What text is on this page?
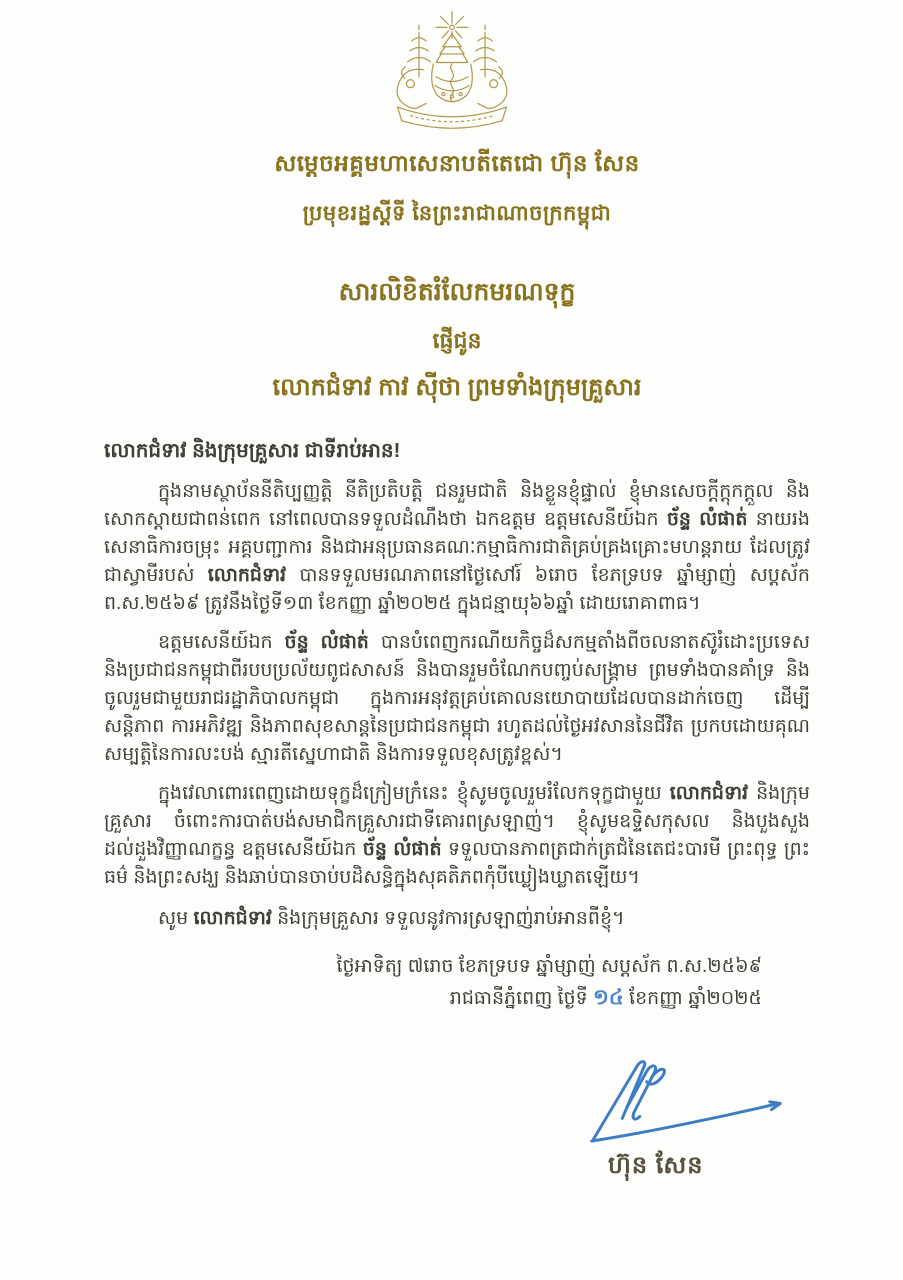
សម្តេចអគ្គមហាសេនាបតីតេជោ ហ៊ុន សែន
ប្រមុខរដ្ឋស្តីទី នៃព្រះរាជាណាចក្រកម្ពុជា
សារលិខិតរំលែកមរណទុក្ខ
ផ្ញើជូន
លោកជំទាវ កាវ ស៊ីថា ព្រមទាំងក្រុមគ្រួសារ

លោកជំទាវ និងក្រុមគ្រួសារ ជាទីរាប់អាន!

ក្នុងនាមស្ថាប័ននីតិប្បញ្ញត្តិ នីតិប្រតិបត្តិ ជនរួមជាតិ និងខ្លួនខ្ញុំផ្ទាល់ ខ្ញុំមានសេចក្តីក្តុកក្តួល និងសោកស្តាយជាពន់ពេក នៅពេលបានទទួលដំណឹងថា ឯកឧត្តម ឧត្តមសេនីយ៍ឯក ច័ន្ទ លំផាត់ នាយរងសេនាធិការចម្រុះ អគ្គបញ្ជាការ និងជាអនុប្រធានគណៈកម្មាធិការជាតិគ្រប់គ្រងគ្រោះមហន្តរាយ ដែលត្រូវជាស្វាមីរបស់ លោកជំទាវ បានទទួលមរណភាពនៅថ្ងៃសៅរ៍ ៦រោច ខែភទ្របទ ឆ្នាំម្សាញ់ សប្តស័ក ព.ស.២៥៦៩ ត្រូវនឹងថ្ងៃទី១៣ ខែកញ្ញា ឆ្នាំ២០២៥ ក្នុងជន្មាយុ៦៦ឆ្នាំ ដោយរោគាពាធ។

ឧត្តមសេនីយ៍ឯក ច័ន្ទ លំផាត់ បានបំពេញករណីយកិច្ចដ៏សកម្មតាំងពីចលនាតស៊ូរំដោះប្រទេស និងប្រជាជនកម្ពុជាពីរបបប្រល័យពូជសាសន៍ និងបានរួមចំណែកបញ្ចប់សង្គ្រាម ព្រមទាំងបានគាំទ្រ និងចូលរួមជាមួយរាជរដ្ឋាភិបាលកម្ពុជា ក្នុងការអនុវត្តគ្រប់គោលនយោបាយដែលបានដាក់ចេញ ដើម្បីសន្តិភាព ការអភិវឌ្ឍ និងភាពសុខសាន្តនៃប្រជាជនកម្ពុជា រហូតដល់ថ្ងៃអវសាននៃជីវិត ប្រកបដោយគុណសម្បត្តិនៃការលះបង់ ស្មារតីស្នេហាជាតិ និងការទទួលខុសត្រូវខ្ពស់។

ក្នុងវេលាពោរពេញដោយទុក្ខដ៏ក្រៀមក្រំនេះ ខ្ញុំសូមចូលរួមរំលែកទុក្ខជាមួយ លោកជំទាវ និងក្រុមគ្រួសារ ចំពោះការបាត់បង់សមាជិកគ្រួសារជាទីគោរពស្រឡាញ់។ ខ្ញុំសូមឧទ្ទិសកុសល និងបួងសួងដល់ដួងវិញ្ញាណក្ខន្ធ ឧត្តមសេនីយ៍ឯក ច័ន្ទ លំផាត់ ទទួលបានភាពត្រជាក់ត្រជំនៃតេជះបារមី ព្រះពុទ្ធ ព្រះធម៌ និងព្រះសង្ឃ និងឆាប់បានចាប់បដិសន្ធិក្នុងសុគតិភពកុំបីឃ្លៀងឃ្លាតឡើយ។

សូម លោកជំទាវ និងក្រុមគ្រួសារ ទទួលនូវការស្រឡាញ់រាប់អានពីខ្ញុំ។

ថ្ងៃអាទិត្យ ៧រោច ខែភទ្របទ ឆ្នាំម្សាញ់ សប្តស័ក ព.ស.២៥៦៩
រាជធានីភ្នំពេញ ថ្ងៃទី ១៤ ខែកញ្ញា ឆ្នាំ២០២៥
ហ៊ុន សែន
